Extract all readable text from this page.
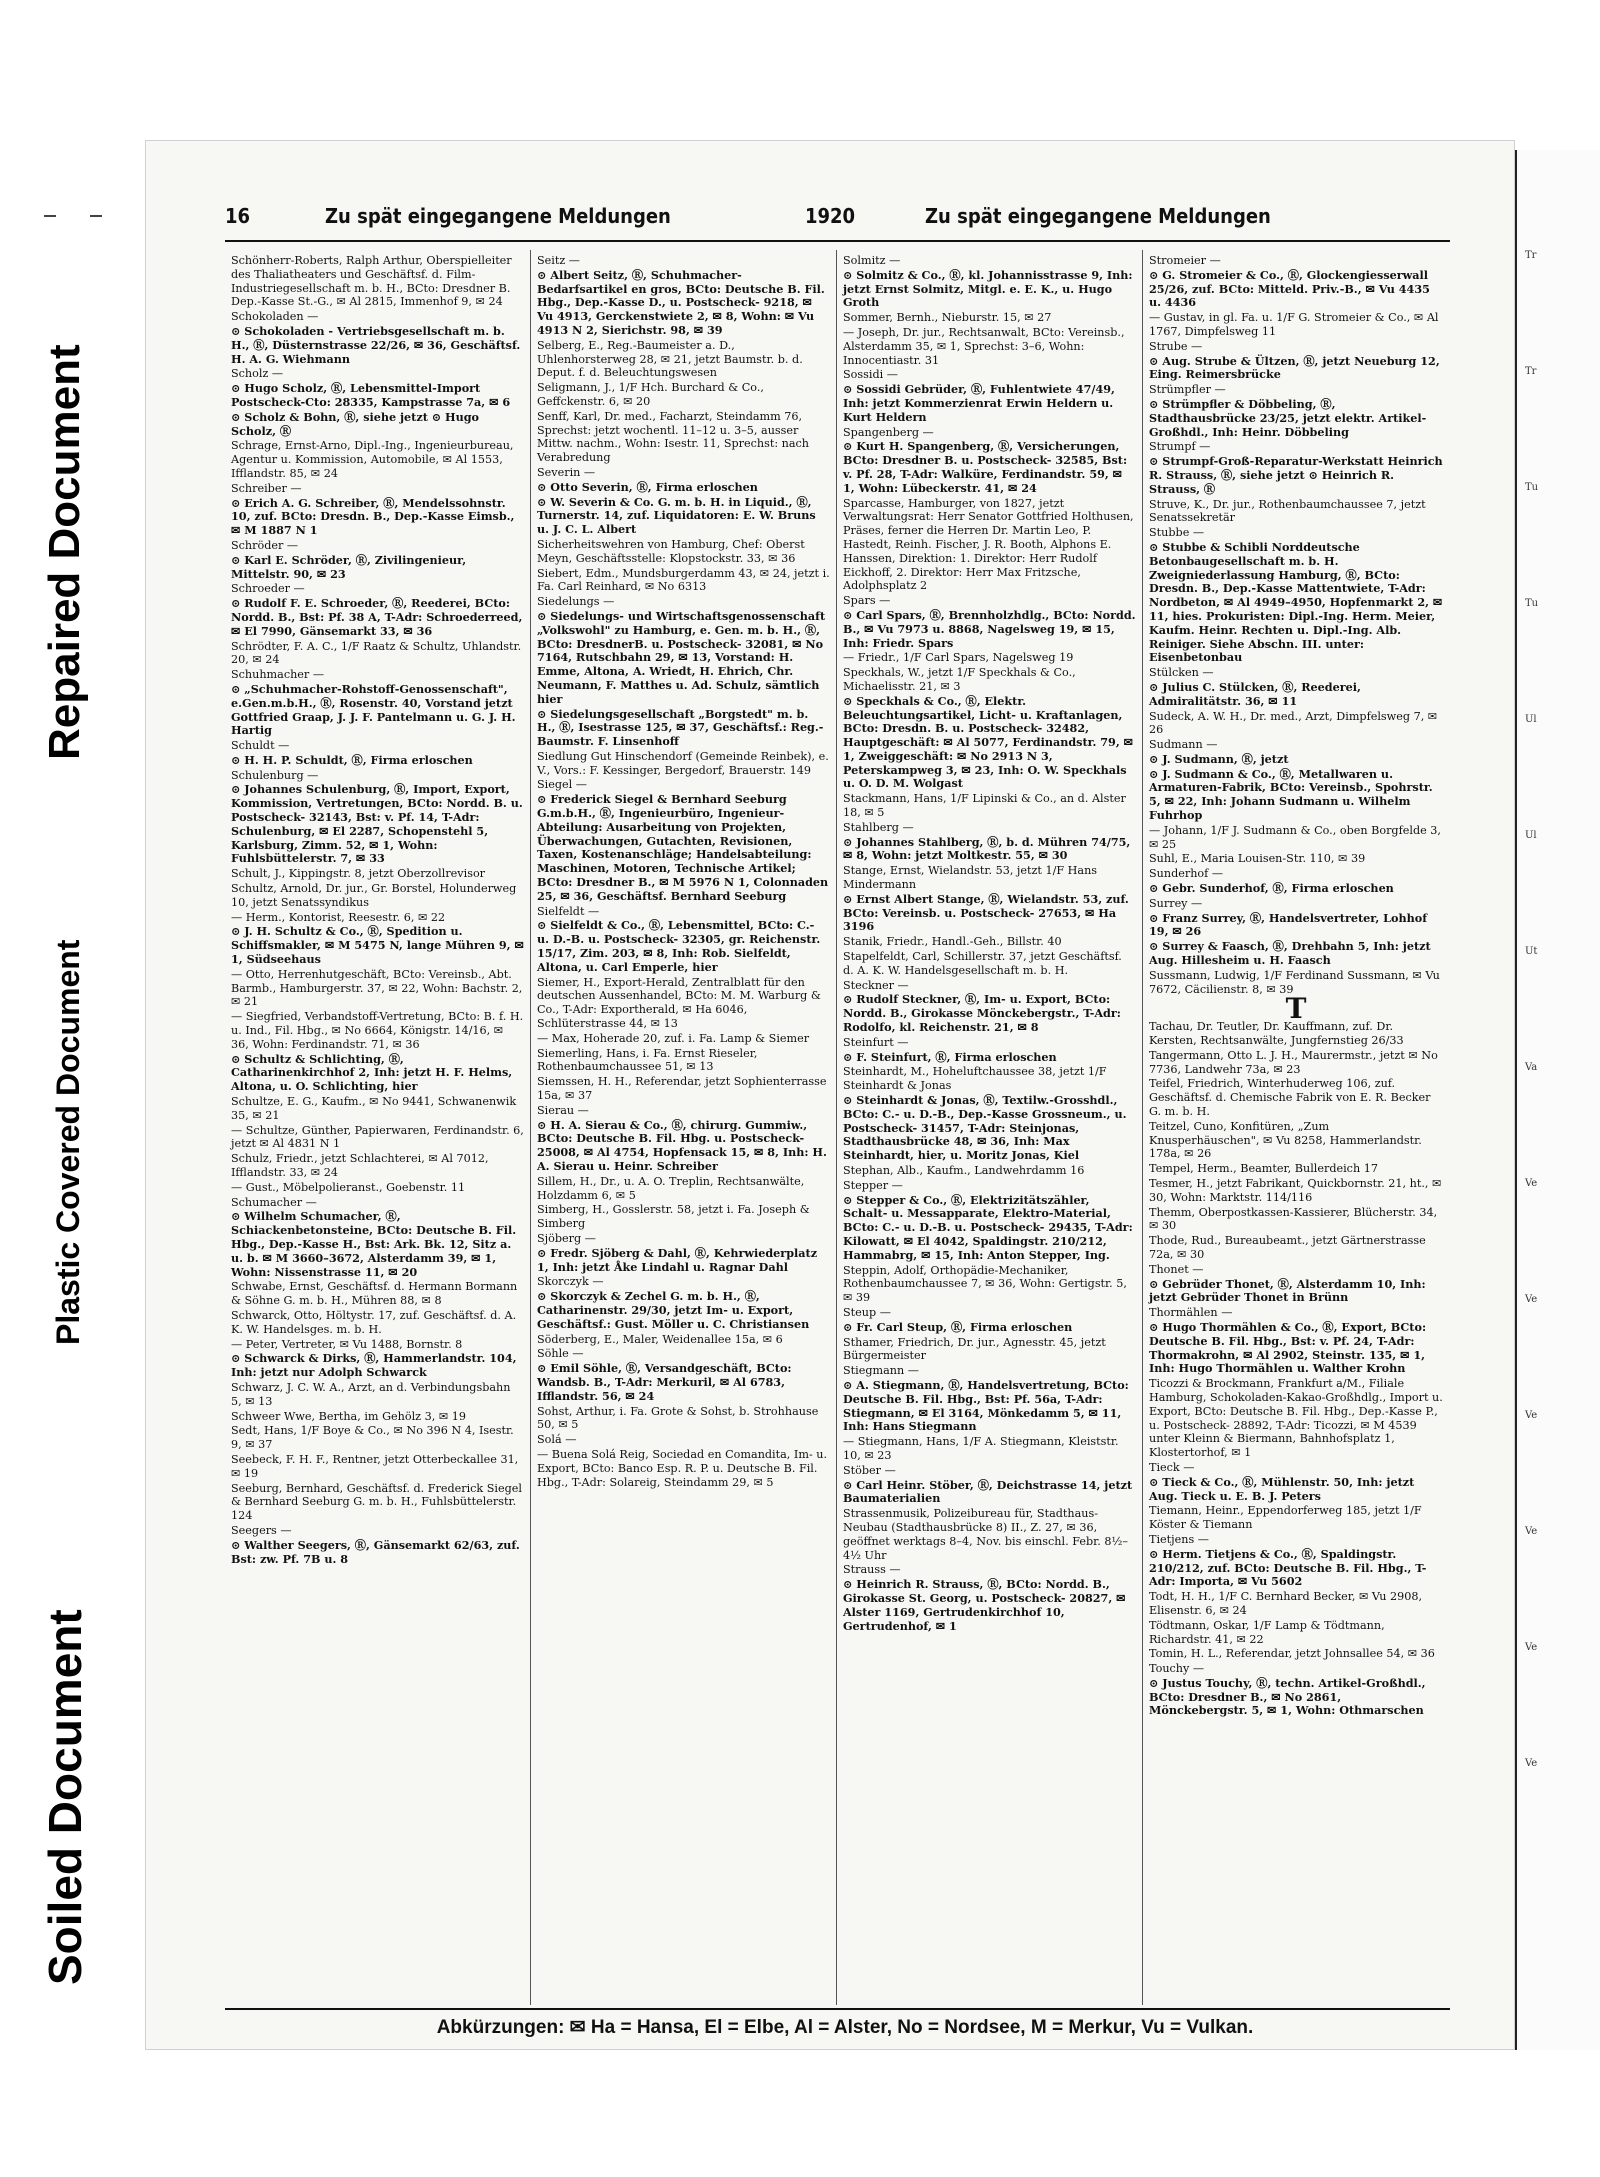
Soiled Document
Plastic Covered Document
Repaired Document
16	Zu spät eingegangene Meldungen	1920	Zu spät eingegangene Meldungen
Schönherr-Roberts, Ralph Arthur, Oberspielleiter des Thaliatheaters und Geschäftsf. d. Film-Industriegesellschaft m. b. H., BCto: Dresdner B. Dep.-Kasse St.-G., ✉ Al 2815, Immenhof 9, ✉ 24
Schokoladen —
⊙ Schokoladen - Vertriebsgesellschaft m. b. H., Ⓡ, Düsternstrasse 22/26, ✉ 36, Geschäftsf. H. A. G. Wiehmann
Scholz —
⊙ Hugo Scholz, Ⓡ, Lebensmittel-Import Postscheck-Cto: 28335, Kampstrasse 7a, ✉ 6
⊙ Scholz & Bohn, Ⓡ, siehe jetzt ⊙ Hugo Scholz, Ⓡ
Schrage, Ernst-Arno, Dipl.-Ing., Ingenieurbureau, Agentur u. Kommission, Automobile, ✉ Al 1553, Ifflandstr. 85, ✉ 24
Schreiber —
⊙ Erich A. G. Schreiber, Ⓡ, Mendelssohnstr. 10, zuf. BCto: Dresdn. B., Dep.-Kasse Eimsb., ✉ M 1887 N 1
Schröder —
⊙ Karl E. Schröder, Ⓡ, Zivilingenieur, Mittelstr. 90, ✉ 23
Schroeder —
⊙ Rudolf F. E. Schroeder, Ⓡ, Reederei, BCto: Nordd. B., Bst: Pf. 38 A, T-Adr: Schroederreed, ✉ El 7990, Gänsemarkt 33, ✉ 36
Schrödter, F. A. C., 1/F Raatz & Schultz, Uhlandstr. 20, ✉ 24
Schuhmacher —
⊙ „Schuhmacher-Rohstoff-Genossenschaft", e.Gen.m.b.H., Ⓡ, Rosenstr. 40, Vorstand jetzt Gottfried Graap, J. J. F. Pantelmann u. G. J. H. Hartig
Schuldt —
⊙ H. H. P. Schuldt, Ⓡ, Firma erloschen
Schulenburg —
⊙ Johannes Schulenburg, Ⓡ, Import, Export, Kommission, Vertretungen, BCto: Nordd. B. u. Postscheck- 32143, Bst: v. Pf. 14, T-Adr: Schulenburg, ✉ El 2287, Schopenstehl 5, Karlsburg, Zimm. 52, ✉ 1, Wohn: Fuhlsbüttelerstr. 7, ✉ 33
Schult, J., Kippingstr. 8, jetzt Oberzollrevisor
Schultz, Arnold, Dr. jur., Gr. Borstel, Holunderweg 10, jetzt Senatssyndikus
— Herm., Kontorist, Reesestr. 6, ✉ 22
⊙ J. H. Schultz & Co., Ⓡ, Spedition u. Schiffsmakler, ✉ M 5475 N, lange Mühren 9, ✉ 1, Südseehaus
— Otto, Herrenhutgeschäft, BCto: Vereinsb., Abt. Barmb., Hamburgerstr. 37, ✉ 22, Wohn: Bachstr. 2, ✉ 21
— Siegfried, Verbandstoff-Vertretung, BCto: B. f. H. u. Ind., Fil. Hbg., ✉ No 6664, Königstr. 14/16, ✉ 36, Wohn: Ferdinandstr. 71, ✉ 36
⊙ Schultz & Schlichting, Ⓡ, Catharinenkirchhof 2, Inh: jetzt H. F. Helms, Altona, u. O. Schlichting, hier
Schultze, E. G., Kaufm., ✉ No 9441, Schwanenwik 35, ✉ 21
— Schultze, Günther, Papierwaren, Ferdinandstr. 6, jetzt ✉ Al 4831 N 1
Schulz, Friedr., jetzt Schlachterei, ✉ Al 7012, Ifflandstr. 33, ✉ 24
— Gust., Möbelpolieranst., Goebenstr. 11
Schumacher —
⊙ Wilhelm Schumacher, Ⓡ, Schiackenbetonsteine, BCto: Deutsche B. Fil. Hbg., Dep.-Kasse H., Bst: Ark. Bk. 12, Sitz a. u. b. ✉ M 3660–3672, Alsterdamm 39, ✉ 1, Wohn: Nissenstrasse 11, ✉ 20
Schwabe, Ernst, Geschäftsf. d. Hermann Bormann & Söhne G. m. b. H., Mühren 88, ✉ 8
Schwarck, Otto, Höltystr. 17, zuf. Geschäftsf. d. A. K. W. Handelsges. m. b. H.
— Peter, Vertreter, ✉ Vu 1488, Bornstr. 8
⊙ Schwarck & Dirks, Ⓡ, Hammerlandstr. 104, Inh: jetzt nur Adolph Schwarck
Schwarz, J. C. W. A., Arzt, an d. Verbindungsbahn 5, ✉ 13
Schweer Wwe, Bertha, im Gehölz 3, ✉ 19
Sedt, Hans, 1/F Boye & Co., ✉ No 396 N 4, Isestr. 9, ✉ 37
Seebeck, F. H. F., Rentner, jetzt Otterbeckallee 31, ✉ 19
Seeburg, Bernhard, Geschäftsf. d. Frederick Siegel & Bernhard Seeburg G. m. b. H., Fuhlsbüttelerstr. 124
Seegers —
⊙ Walther Seegers, Ⓡ, Gänsemarkt 62/63, zuf. Bst: zw. Pf. 7B u. 8
Seitz —
⊙ Albert Seitz, Ⓡ, Schuhmacher-Bedarfsartikel en gros, BCto: Deutsche B. Fil. Hbg., Dep.-Kasse D., u. Postscheck- 9218, ✉ Vu 4913, Gerckenstwiete 2, ✉ 8, Wohn: ✉ Vu 4913 N 2, Sierichstr. 98, ✉ 39
Selberg, E., Reg.-Baumeister a. D., Uhlenhorsterweg 28, ✉ 21, jetzt Baumstr. b. d. Deput. f. d. Beleuchtungswesen
Seligmann, J., 1/F Hch. Burchard & Co., Geffckenstr. 6, ✉ 20
Senff, Karl, Dr. med., Facharzt, Steindamm 76, Sprechst: jetzt wochentl. 11–12 u. 3–5, ausser Mittw. nachm., Wohn: Isestr. 11, Sprechst: nach Verabredung
Severin —
⊙ Otto Severin, Ⓡ, Firma erloschen
⊙ W. Severin & Co. G. m. b. H. in Liquid., Ⓡ, Turnerstr. 14, zuf. Liquidatoren: E. W. Bruns u. J. C. L. Albert
Sicherheitswehren von Hamburg, Chef: Oberst Meyn, Geschäftsstelle: Klopstockstr. 33, ✉ 36
Siebert, Edm., Mundsburgerdamm 43, ✉ 24, jetzt i. Fa. Carl Reinhard, ✉ No 6313
Siedelungs —
⊙ Siedelungs- und Wirtschaftsgenossenschaft „Volkswohl" zu Hamburg, e. Gen. m. b. H., Ⓡ, BCto: DresdnerB. u. Postscheck- 32081, ✉ No 7164, Rutschbahn 29, ✉ 13, Vorstand: H. Emme, Altona, A. Wriedt, H. Ehrich, Chr. Neumann, F. Matthes u. Ad. Schulz, sämtlich hier
⊙ Siedelungsgesellschaft „Borgstedt" m. b. H., Ⓡ, Isestrasse 125, ✉ 37, Geschäftsf.: Reg.-Baumstr. F. Linsenhoff
Siedlung Gut Hinschendorf (Gemeinde Reinbek), e. V., Vors.: F. Kessinger, Bergedorf, Brauerstr. 149
Siegel —
⊙ Frederick Siegel & Bernhard Seeburg G.m.b.H., Ⓡ, Ingenieurbüro, Ingenieur-Abteilung: Ausarbeitung von Projekten, Überwachungen, Gutachten, Revisionen, Taxen, Kostenanschläge; Handelsabteilung: Maschinen, Motoren, Technische Artikel; BCto: Dresdner B., ✉ M 5976 N 1, Colonnaden 25, ✉ 36, Geschäftsf. Bernhard Seeburg
Sielfeldt —
⊙ Sielfeldt & Co., Ⓡ, Lebensmittel, BCto: C.- u. D.-B. u. Postscheck- 32305, gr. Reichenstr. 15/17, Zim. 203, ✉ 8, Inh: Rob. Sielfeldt, Altona, u. Carl Emperle, hier
Siemer, H., Export-Herald, Zentralblatt für den deutschen Aussenhandel, BCto: M. M. Warburg & Co., T-Adr: Exportherald, ✉ Ha 6046, Schlüterstrasse 44, ✉ 13
— Max, Hoherade 20, zuf. i. Fa. Lamp & Siemer
Siemerling, Hans, i. Fa. Ernst Rieseler, Rothenbaumchaussee 51, ✉ 13
Siemssen, H. H., Referendar, jetzt Sophienterrasse 15a, ✉ 37
Sierau —
⊙ H. A. Sierau & Co., Ⓡ, chirurg. Gummiw., BCto: Deutsche B. Fil. Hbg. u. Postscheck- 25008, ✉ Al 4754, Hopfensack 15, ✉ 8, Inh: H. A. Sierau u. Heinr. Schreiber
Sillem, H., Dr., u. A. O. Treplin, Rechtsanwälte, Holzdamm 6, ✉ 5
Simberg, H., Gosslerstr. 58, jetzt i. Fa. Joseph & Simberg
Sjöberg —
⊙ Fredr. Sjöberg & Dahl, Ⓡ, Kehrwiederplatz 1, Inh: jetzt Åke Lindahl u. Ragnar Dahl
Skorczyk —
⊙ Skorczyk & Zechel G. m. b. H., Ⓡ, Catharinenstr. 29/30, jetzt Im- u. Export, Geschäftsf.: Gust. Möller u. C. Christiansen
Söderberg, E., Maler, Weidenallee 15a, ✉ 6
Söhle —
⊙ Emil Söhle, Ⓡ, Versandgeschäft, BCto: Wandsb. B., T-Adr: Merkuril, ✉ Al 6783, Ifflandstr. 56, ✉ 24
Sohst, Arthur, i. Fa. Grote & Sohst, b. Strohhause 50, ✉ 5
Solá —
— Buena Solá Reig, Sociedad en Comandita, Im- u. Export, BCto: Banco Esp. R. P. u. Deutsche B. Fil. Hbg., T-Adr: Solareig, Steindamm 29, ✉ 5
Solmitz —
⊙ Solmitz & Co., Ⓡ, kl. Johannisstrasse 9, Inh: jetzt Ernst Solmitz, Mitgl. e. E. K., u. Hugo Groth
Sommer, Bernh., Nieburstr. 15, ✉ 27
— Joseph, Dr. jur., Rechtsanwalt, BCto: Vereinsb., Alsterdamm 35, ✉ 1, Sprechst: 3–6, Wohn: Innocentiastr. 31
Sossidi —
⊙ Sossidi Gebrüder, Ⓡ, Fuhlentwiete 47/49, Inh: jetzt Kommerzienrat Erwin Heldern u. Kurt Heldern
Spangenberg —
⊙ Kurt H. Spangenberg, Ⓡ, Versicherungen, BCto: Dresdner B. u. Postscheck- 32585, Bst: v. Pf. 28, T-Adr: Walküre, Ferdinandstr. 59, ✉ 1, Wohn: Lübeckerstr. 41, ✉ 24
Sparcasse, Hamburger, von 1827, jetzt Verwaltungsrat: Herr Senator Gottfried Holthusen, Präses, ferner die Herren Dr. Martin Leo, P. Hastedt, Reinh. Fischer, J. R. Booth, Alphons E. Hanssen, Direktion: 1. Direktor: Herr Rudolf Eickhoff, 2. Direktor: Herr Max Fritzsche, Adolphsplatz 2
Spars —
⊙ Carl Spars, Ⓡ, Brennholzhdlg., BCto: Nordd. B., ✉ Vu 7973 u. 8868, Nagelsweg 19, ✉ 15, Inh: Friedr. Spars
— Friedr., 1/F Carl Spars, Nagelsweg 19
Speckhals, W., jetzt 1/F Speckhals & Co., Michaelisstr. 21, ✉ 3
⊙ Speckhals & Co., Ⓡ, Elektr. Beleuchtungsartikel, Licht- u. Kraftanlagen, BCto: Dresdn. B. u. Postscheck- 32482, Hauptgeschäft: ✉ Al 5077, Ferdinandstr. 79, ✉ 1, Zweiggeschäft: ✉ No 2913 N 3, Peterskampweg 3, ✉ 23, Inh: O. W. Speckhals u. O. D. M. Wolgast
Stackmann, Hans, 1/F Lipinski & Co., an d. Alster 18, ✉ 5
Stahlberg —
⊙ Johannes Stahlberg, Ⓡ, b. d. Mühren 74/75, ✉ 8, Wohn: jetzt Moltkestr. 55, ✉ 30
Stange, Ernst, Wielandstr. 53, jetzt 1/F Hans Mindermann
⊙ Ernst Albert Stange, Ⓡ, Wielandstr. 53, zuf. BCto: Vereinsb. u. Postscheck- 27653, ✉ Ha 3196
Stanik, Friedr., Handl.-Geh., Billstr. 40
Stapelfeldt, Carl, Schillerstr. 37, jetzt Geschäftsf. d. A. K. W. Handelsgesellschaft m. b. H.
Steckner —
⊙ Rudolf Steckner, Ⓡ, Im- u. Export, BCto: Nordd. B., Girokasse Mönckebergstr., T-Adr: Rodolfo, kl. Reichenstr. 21, ✉ 8
Steinfurt —
⊙ F. Steinfurt, Ⓡ, Firma erloschen
Steinhardt, M., Hoheluftchaussee 38, jetzt 1/F Steinhardt & Jonas
⊙ Steinhardt & Jonas, Ⓡ, Textilw.-Grosshdl., BCto: C.- u. D.-B., Dep.-Kasse Grossneum., u. Postscheck- 31457, T-Adr: Steinjonas, Stadthausbrücke 48, ✉ 36, Inh: Max Steinhardt, hier, u. Moritz Jonas, Kiel
Stephan, Alb., Kaufm., Landwehrdamm 16
Stepper —
⊙ Stepper & Co., Ⓡ, Elektrizitätszähler, Schalt- u. Messapparate, Elektro-Material, BCto: C.- u. D.-B. u. Postscheck- 29435, T-Adr: Kilowatt, ✉ El 4042, Spaldingstr. 210/212, Hammabrg, ✉ 15, Inh: Anton Stepper, Ing.
Steppin, Adolf, Orthopädie-Mechaniker, Rothenbaumchaussee 7, ✉ 36, Wohn: Gertigstr. 5, ✉ 39
Steup —
⊙ Fr. Carl Steup, Ⓡ, Firma erloschen
Sthamer, Friedrich, Dr. jur., Agnesstr. 45, jetzt Bürgermeister
Stiegmann —
⊙ A. Stiegmann, Ⓡ, Handelsvertretung, BCto: Deutsche B. Fil. Hbg., Bst: Pf. 56a, T-Adr: Stiegmann, ✉ El 3164, Mönkedamm 5, ✉ 11, Inh: Hans Stiegmann
— Stiegmann, Hans, 1/F A. Stiegmann, Kleiststr. 10, ✉ 23
Stöber —
⊙ Carl Heinr. Stöber, Ⓡ, Deichstrasse 14, jetzt Baumaterialien
Strassenmusik, Polizeibureau für, Stadthaus-Neubau (Stadthausbrücke 8) II., Z. 27, ✉ 36, geöffnet werktags 8–4, Nov. bis einschl. Febr. 8½–4½ Uhr
Strauss —
⊙ Heinrich R. Strauss, Ⓡ, BCto: Nordd. B., Girokasse St. Georg, u. Postscheck- 20827, ✉ Alster 1169, Gertrudenkirchhof 10, Gertrudenhof, ✉ 1
Stromeier —
⊙ G. Stromeier & Co., Ⓡ, Glockengiesserwall 25/26, zuf. BCto: Mitteld. Priv.-B., ✉ Vu 4435 u. 4436
— Gustav, in gl. Fa. u. 1/F G. Stromeier & Co., ✉ Al 1767, Dimpfelsweg 11
Strube —
⊙ Aug. Strube & Ültzen, Ⓡ, jetzt Neueburg 12, Eing. Reimersbrücke
Strümpfler —
⊙ Strümpfler & Döbbeling, Ⓡ, Stadthausbrücke 23/25, jetzt elektr. Artikel-Großhdl., Inh: Heinr. Döbbeling
Strumpf —
⊙ Strumpf-Groß-Reparatur-Werkstatt Heinrich R. Strauss, Ⓡ, siehe jetzt ⊙ Heinrich R. Strauss, Ⓡ
Struve, K., Dr. jur., Rothenbaumchaussee 7, jetzt Senatssekretär
Stubbe —
⊙ Stubbe & Schibli Norddeutsche Betonbaugesellschaft m. b. H. Zweigniederlassung Hamburg, Ⓡ, BCto: Dresdn. B., Dep.-Kasse Mattentwiete, T-Adr: Nordbeton, ✉ Al 4949–4950, Hopfenmarkt 2, ✉ 11, hies. Prokuristen: Dipl.-Ing. Herm. Meier, Kaufm. Heinr. Rechten u. Dipl.-Ing. Alb. Reiniger. Siehe Abschn. III. unter: Eisenbetonbau
Stülcken —
⊙ Julius C. Stülcken, Ⓡ, Reederei, Admiralitätstr. 36, ✉ 11
Sudeck, A. W. H., Dr. med., Arzt, Dimpfelsweg 7, ✉ 26
Sudmann —
⊙ J. Sudmann, Ⓡ, jetzt
⊙ J. Sudmann & Co., Ⓡ, Metallwaren u. Armaturen-Fabrik, BCto: Vereinsb., Spohrstr. 5, ✉ 22, Inh: Johann Sudmann u. Wilhelm Fuhrhop
— Johann, 1/F J. Sudmann & Co., oben Borgfelde 3, ✉ 25
Suhl, E., Maria Louisen-Str. 110, ✉ 39
Sunderhof —
⊙ Gebr. Sunderhof, Ⓡ, Firma erloschen
Surrey —
⊙ Franz Surrey, Ⓡ, Handelsvertreter, Lohhof 19, ✉ 26
⊙ Surrey & Faasch, Ⓡ, Drehbahn 5, Inh: jetzt Aug. Hillesheim u. H. Faasch
Sussmann, Ludwig, 1/F Ferdinand Sussmann, ✉ Vu 7672, Cäcilienstr. 8, ✉ 39
T
Tachau, Dr. Teutler, Dr. Kauffmann, zuf. Dr. Kersten, Rechtsanwälte, Jungfernstieg 26/33
Tangermann, Otto L. J. H., Maurermstr., jetzt ✉ No 7736, Landwehr 73a, ✉ 23
Teifel, Friedrich, Winterhuderweg 106, zuf. Geschäftsf. d. Chemische Fabrik von E. R. Becker G. m. b. H.
Teitzel, Cuno, Konfitüren, „Zum Knusperhäuschen", ✉ Vu 8258, Hammerlandstr. 178a, ✉ 26
Tempel, Herm., Beamter, Bullerdeich 17
Tesmer, H., jetzt Fabrikant, Quickbornstr. 21, ht., ✉ 30, Wohn: Marktstr. 114/116
Themm, Oberpostkassen-Kassierer, Blücherstr. 34, ✉ 30
Thode, Rud., Bureaubeamt., jetzt Gärtnerstrasse 72a, ✉ 30
Thonet —
⊙ Gebrüder Thonet, Ⓡ, Alsterdamm 10, Inh: jetzt Gebrüder Thonet in Brünn
Thormählen —
⊙ Hugo Thormählen & Co., Ⓡ, Export, BCto: Deutsche B. Fil. Hbg., Bst: v. Pf. 24, T-Adr: Thormakrohn, ✉ Al 2902, Steinstr. 135, ✉ 1, Inh: Hugo Thormählen u. Walther Krohn
Ticozzi & Brockmann, Frankfurt a/M., Filiale Hamburg, Schokoladen-Kakao-Großhdlg., Import u. Export, BCto: Deutsche B. Fil. Hbg., Dep.-Kasse P., u. Postscheck- 28892, T-Adr: Ticozzi, ✉ M 4539 unter Kleinn & Biermann, Bahnhofsplatz 1, Klostertorhof, ✉ 1
Tieck —
⊙ Tieck & Co., Ⓡ, Mühlenstr. 50, Inh: jetzt Aug. Tieck u. E. B. J. Peters
Tiemann, Heinr., Eppendorferweg 185, jetzt 1/F Köster & Tiemann
Tietjens —
⊙ Herm. Tietjens & Co., Ⓡ, Spaldingstr. 210/212, zuf. BCto: Deutsche B. Fil. Hbg., T-Adr: Importa, ✉ Vu 5602
Todt, H. H., 1/F C. Bernhard Becker, ✉ Vu 2908, Elisenstr. 6, ✉ 24
Tödtmann, Oskar, 1/F Lamp & Tödtmann, Richardstr. 41, ✉ 22
Tomin, H. L., Referendar, jetzt Johnsallee 54, ✉ 36
Touchy —
⊙ Justus Touchy, Ⓡ, techn. Artikel-Großhdl., BCto: Dresdner B., ✉ No 2861, Mönckebergstr. 5, ✉ 1, Wohn: Othmarschen
Abkürzungen: ✉ Ha = Hansa, El = Elbe, Al = Alster, No = Nordsee, M = Merkur, Vu = Vulkan.
Tr
Tr
Tu
Tu
Ul
Ul
Ut
Va
Ve
Ve
Ve
Ve
Ve
Ve
